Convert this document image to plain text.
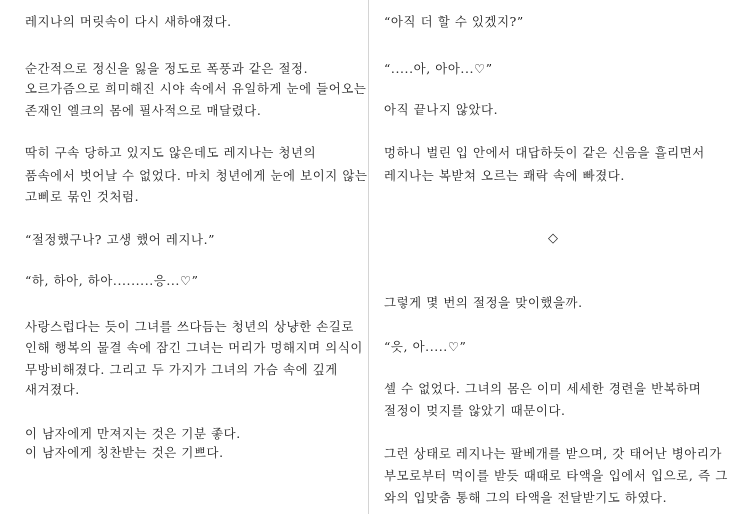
레지나의 머릿속이 다시 새하얘졌다.
순간적으로 정신을 잃을 정도로 폭풍과 같은 절정.
오르가즘으로 희미해진 시야 속에서 유일하게 눈에 들어오는
존재인 엘크의 몸에 필사적으로 매달렸다.
딱히 구속 당하고 있지도 않은데도 레지나는 청년의
품속에서 벗어날 수 없었다. 마치 청년에게 눈에 보이지 않는
고삐로 묶인 것처럼.
“절정했구나? 고생 했어 레지나.”
“하, 하아, 하아.........응...♡”
사랑스럽다는 듯이 그녀를 쓰다듬는 청년의 상냥한 손길로
인해 행복의 물결 속에 잠긴 그녀는 머리가 멍해지며 의식이
무방비해졌다. 그리고 두 가지가 그녀의 가슴 속에 깊게
새겨졌다.
이 남자에게 만져지는 것은 기분 좋다.
이 남자에게 칭찬받는 것은 기쁘다.
“아직 더 할 수 있겠지?”
“.....아, 아아...♡”
아직 끝나지 않았다.
멍하니 벌린 입 안에서 대답하듯이 같은 신음을 흘리면서
레지나는 복받쳐 오르는 쾌락 속에 빠졌다.
◇
그렇게 몇 번의 절정을 맞이했을까.
“읏, 아.....♡”
셀 수 없었다. 그녀의 몸은 이미 세세한 경련을 반복하며
절정이 멎지를 않았기 때문이다.
그런 상태로 레지나는 팔베개를 받으며, 갓 태어난 병아리가
부모로부터 먹이를 받듯 때때로 타액을 입에서 입으로, 즉 그
와의 입맞춤 통해 그의 타액을 전달받기도 하였다.
